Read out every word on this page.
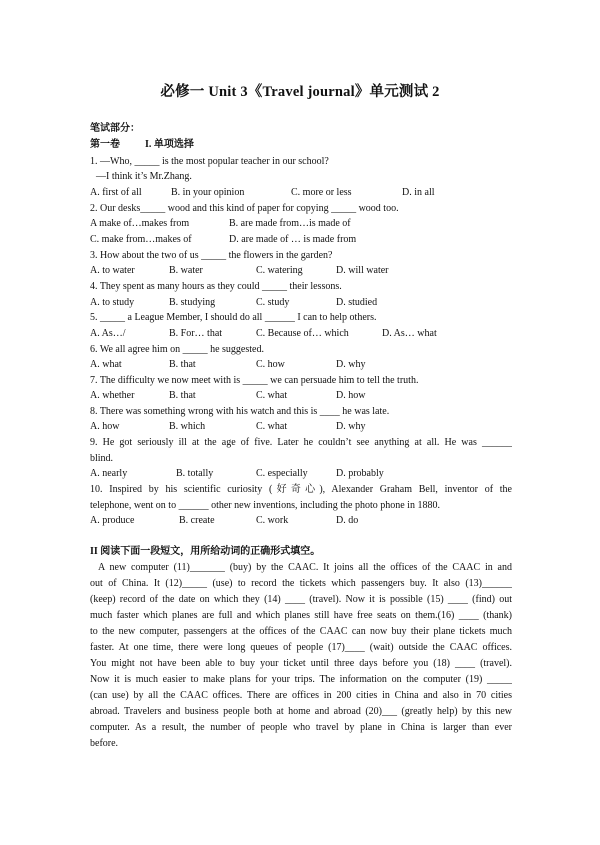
必修一 Unit 3《Travel journal》单元测试 2
笔试部分：
第一卷	I. 单项选择
1. —Who, _____ is the most popular teacher in our school?
—I think it’s Mr.Zhang.
A. first of all	B. in your opinion	C. more or less	D. in all
2. Our desks_____ wood and this kind of paper for copying _____ wood too.
A make of…makes from	B. are made from…is made of
C. make from…makes of	D. are made of … is made from
3. How about the two of us _____ the flowers in the garden?
A. to water	B. water	C. watering	D. will water
4. They spent as many hours as they could _____ their lessons.
A. to study	B. studying	C. study	D. studied
5. _____ a League Member, I should do all ______ I can to help others.
A. As…/	B. For… that	C. Because of… which	D. As… what
6. We all agree him on _____ he suggested.
A. what	B. that	C. how	D. why
7. The difficulty we now meet with is _____ we can persuade him to tell the truth.
A. whether	B. that	C. what	D. how
8. There was something wrong with his watch and this is ____ he was late.
A. how	B. which	C. what	D. why
9. He got seriously ill at the age of five. Later he couldn’t see anything at all. He was ______
blind.
A. nearly	B. totally	C. especially	D. probably
10. Inspired by his scientific curiosity (好奇心), Alexander Graham Bell, inventor of the
telephone, went on to ______ other new inventions, including the photo phone in 1880.
A. produce	B. create	C. work	D. do
II 阅读下面一段短文，用所给动词的正确形式填空。
A new computer (11)_______ (buy) by the CAAC. It joins all the offices of the CAAC in and
out of China. It (12)_____ (use) to record the tickets which passengers buy. It also (13)______
(keep) record of the date on which they (14) ____ (travel). Now it is possible (15) ____ (find) out
much faster which planes are full and which planes still have free seats on them.(16) ____ (thank)
to the new computer, passengers at the offices of the CAAC can now buy their plane tickets much
faster. At one time, there were long queues of people (17)____ (wait) outside the CAAC offices.
You might not have been able to buy your ticket until three days before you (18) ____ (travel).
Now it is much easier to make plans for your trips. The information on the computer (19) _____
(can use) by all the CAAC offices. There are offices in 200 cities in China and also in 70 cities
abroad. Travelers and business people both at home and abroad (20)___ (greatly help) by this new
computer. As a result, the number of people who travel by plane in China is larger than ever
before.
